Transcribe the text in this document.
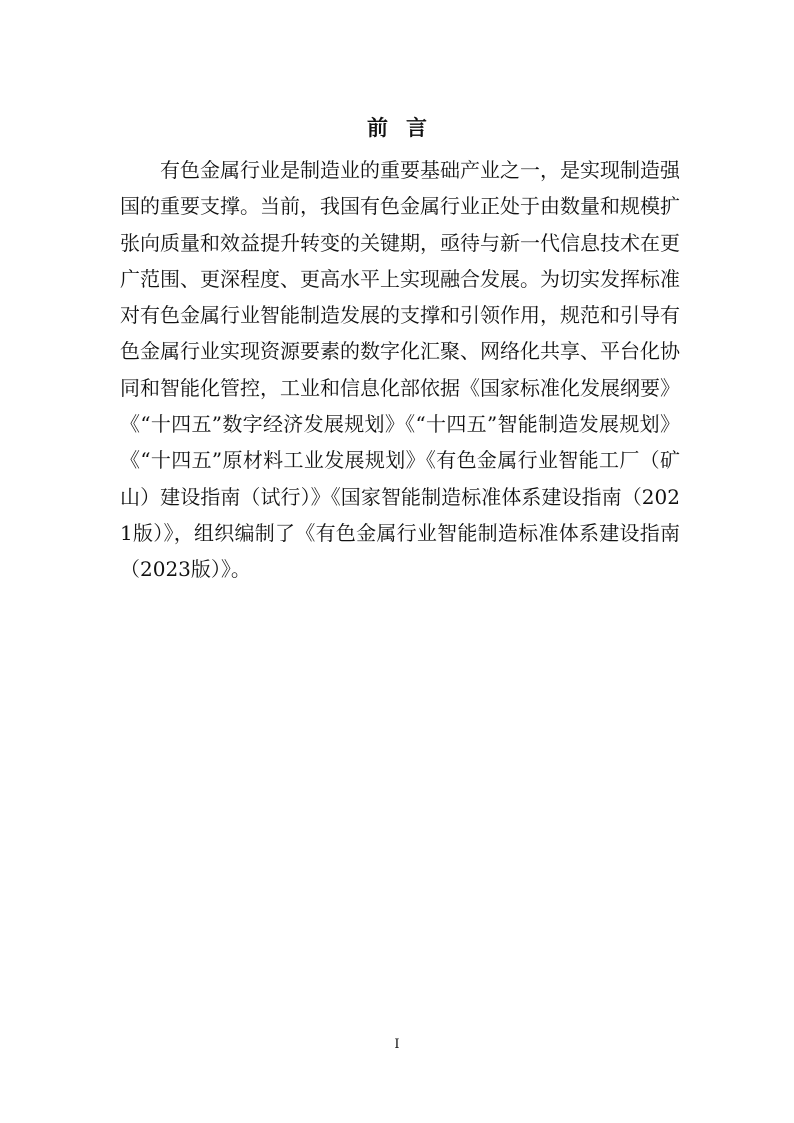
前言

有色金属行业是制造业的重要基础产业之一，是实现制造强国的重要支撑。当前，我国有色金属行业正处于由数量和规模扩张向质量和效益提升转变的关键期，亟待与新一代信息技术在更广范围、更深程度、更高水平上实现融合发展。为切实发挥标准对有色金属行业智能制造发展的支撑和引领作用，规范和引导有色金属行业实现资源要素的数字化汇聚、网络化共享、平台化协同和智能化管控，工业和信息化部依据《国家标准化发展纲要》《“十四五”数字经济发展规划》《“十四五”智能制造发展规划》《“十四五”原材料工业发展规划》《有色金属行业智能工厂（矿山）建设指南（试行）》《国家智能制造标准体系建设指南（2021版）》，组织编制了《有色金属行业智能制造标准体系建设指南（2023版）》。

I
